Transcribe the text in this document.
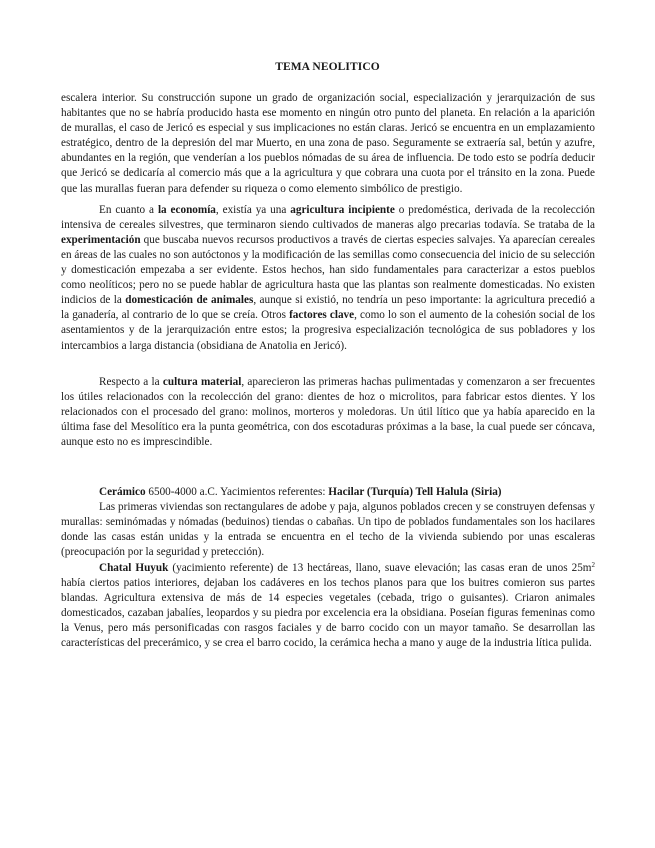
TEMA NEOLITICO

escalera interior. Su construcción supone un grado de organización social, especialización y jerarquización de sus habitantes que no se habría producido hasta ese momento en ningún otro punto del planeta. En relación a la aparición de murallas, el caso de Jericó es especial y sus implicaciones no están claras. Jericó se encuentra en un emplazamiento estratégico, dentro de la depresión del mar Muerto, en una zona de paso. Seguramente se extraería sal, betún y azufre, abundantes en la región, que venderían a los pueblos nómadas de su área de influencia. De todo esto se podría deducir que Jericó se dedicaría al comercio más que a la agricultura y que cobrara una cuota por el tránsito en la zona. Puede que las murallas fueran para defender su riqueza o como elemento simbólico de prestigio.

En cuanto a la economía, existía ya una agricultura incipiente o predoméstica, derivada de la recolección intensiva de cereales silvestres, que terminaron siendo cultivados de maneras algo precarias todavía. Se trataba de la experimentación que buscaba nuevos recursos productivos a través de ciertas especies salvajes. Ya aparecían cereales en áreas de las cuales no son autóctonos y la modificación de las semillas como consecuencia del inicio de su selección y domesticación empezaba a ser evidente. Estos hechos, han sido fundamentales para caracterizar a estos pueblos como neolíticos; pero no se puede hablar de agricultura hasta que las plantas son realmente domesticadas. No existen indicios de la domesticación de animales, aunque si existió, no tendría un peso importante: la agricultura precedió a la ganadería, al contrario de lo que se creía. Otros factores clave, como lo son el aumento de la cohesión social de los asentamientos y de la jerarquización entre estos; la progresiva especialización tecnológica de sus pobladores y los intercambios a larga distancia (obsidiana de Anatolia en Jericó).

Respecto a la cultura material, aparecieron las primeras hachas pulimentadas y comenzaron a ser frecuentes los útiles relacionados con la recolección del grano: dientes de hoz o microlitos, para fabricar estos dientes. Y los relacionados con el procesado del grano: molinos, morteros y moledoras. Un útil lítico que ya había aparecido en la última fase del Mesolítico era la punta geométrica, con dos escotaduras próximas a la base, la cual puede ser cóncava, aunque esto no es imprescindible.

Cerámico 6500-4000 a.C. Yacimientos referentes: Hacilar (Turquía) Tell Halula (Siria)

Las primeras viviendas son rectangulares de adobe y paja, algunos poblados crecen y se construyen defensas y murallas: seminómadas y nómadas (beduinos) tiendas o cabañas. Un tipo de poblados fundamentales son los hacilares donde las casas están unidas y la entrada se encuentra en el techo de la vivienda subiendo por unas escaleras (preocupación por la seguridad y pretección).

Chatal Huyuk (yacimiento referente) de 13 hectáreas, llano, suave elevación; las casas eran de unos $25m^2$ había ciertos patios interiores, dejaban los cadáveres en los techos planos para que los buitres comieron sus partes blandas. Agricultura extensiva de más de 14 especies vegetales (cebada, trigo o guisantes). Criaron animales domesticados, cazaban jabalíes, leopardos y su piedra por excelencia era la obsidiana. Poseían figuras femeninas como la Venus, pero más personificadas con rasgos faciales y de barro cocido con un mayor tamaño. Se desarrollan las características del precerámico, y se crea el barro cocido, la cerámica hecha a mano y auge de la industria lítica pulida.
